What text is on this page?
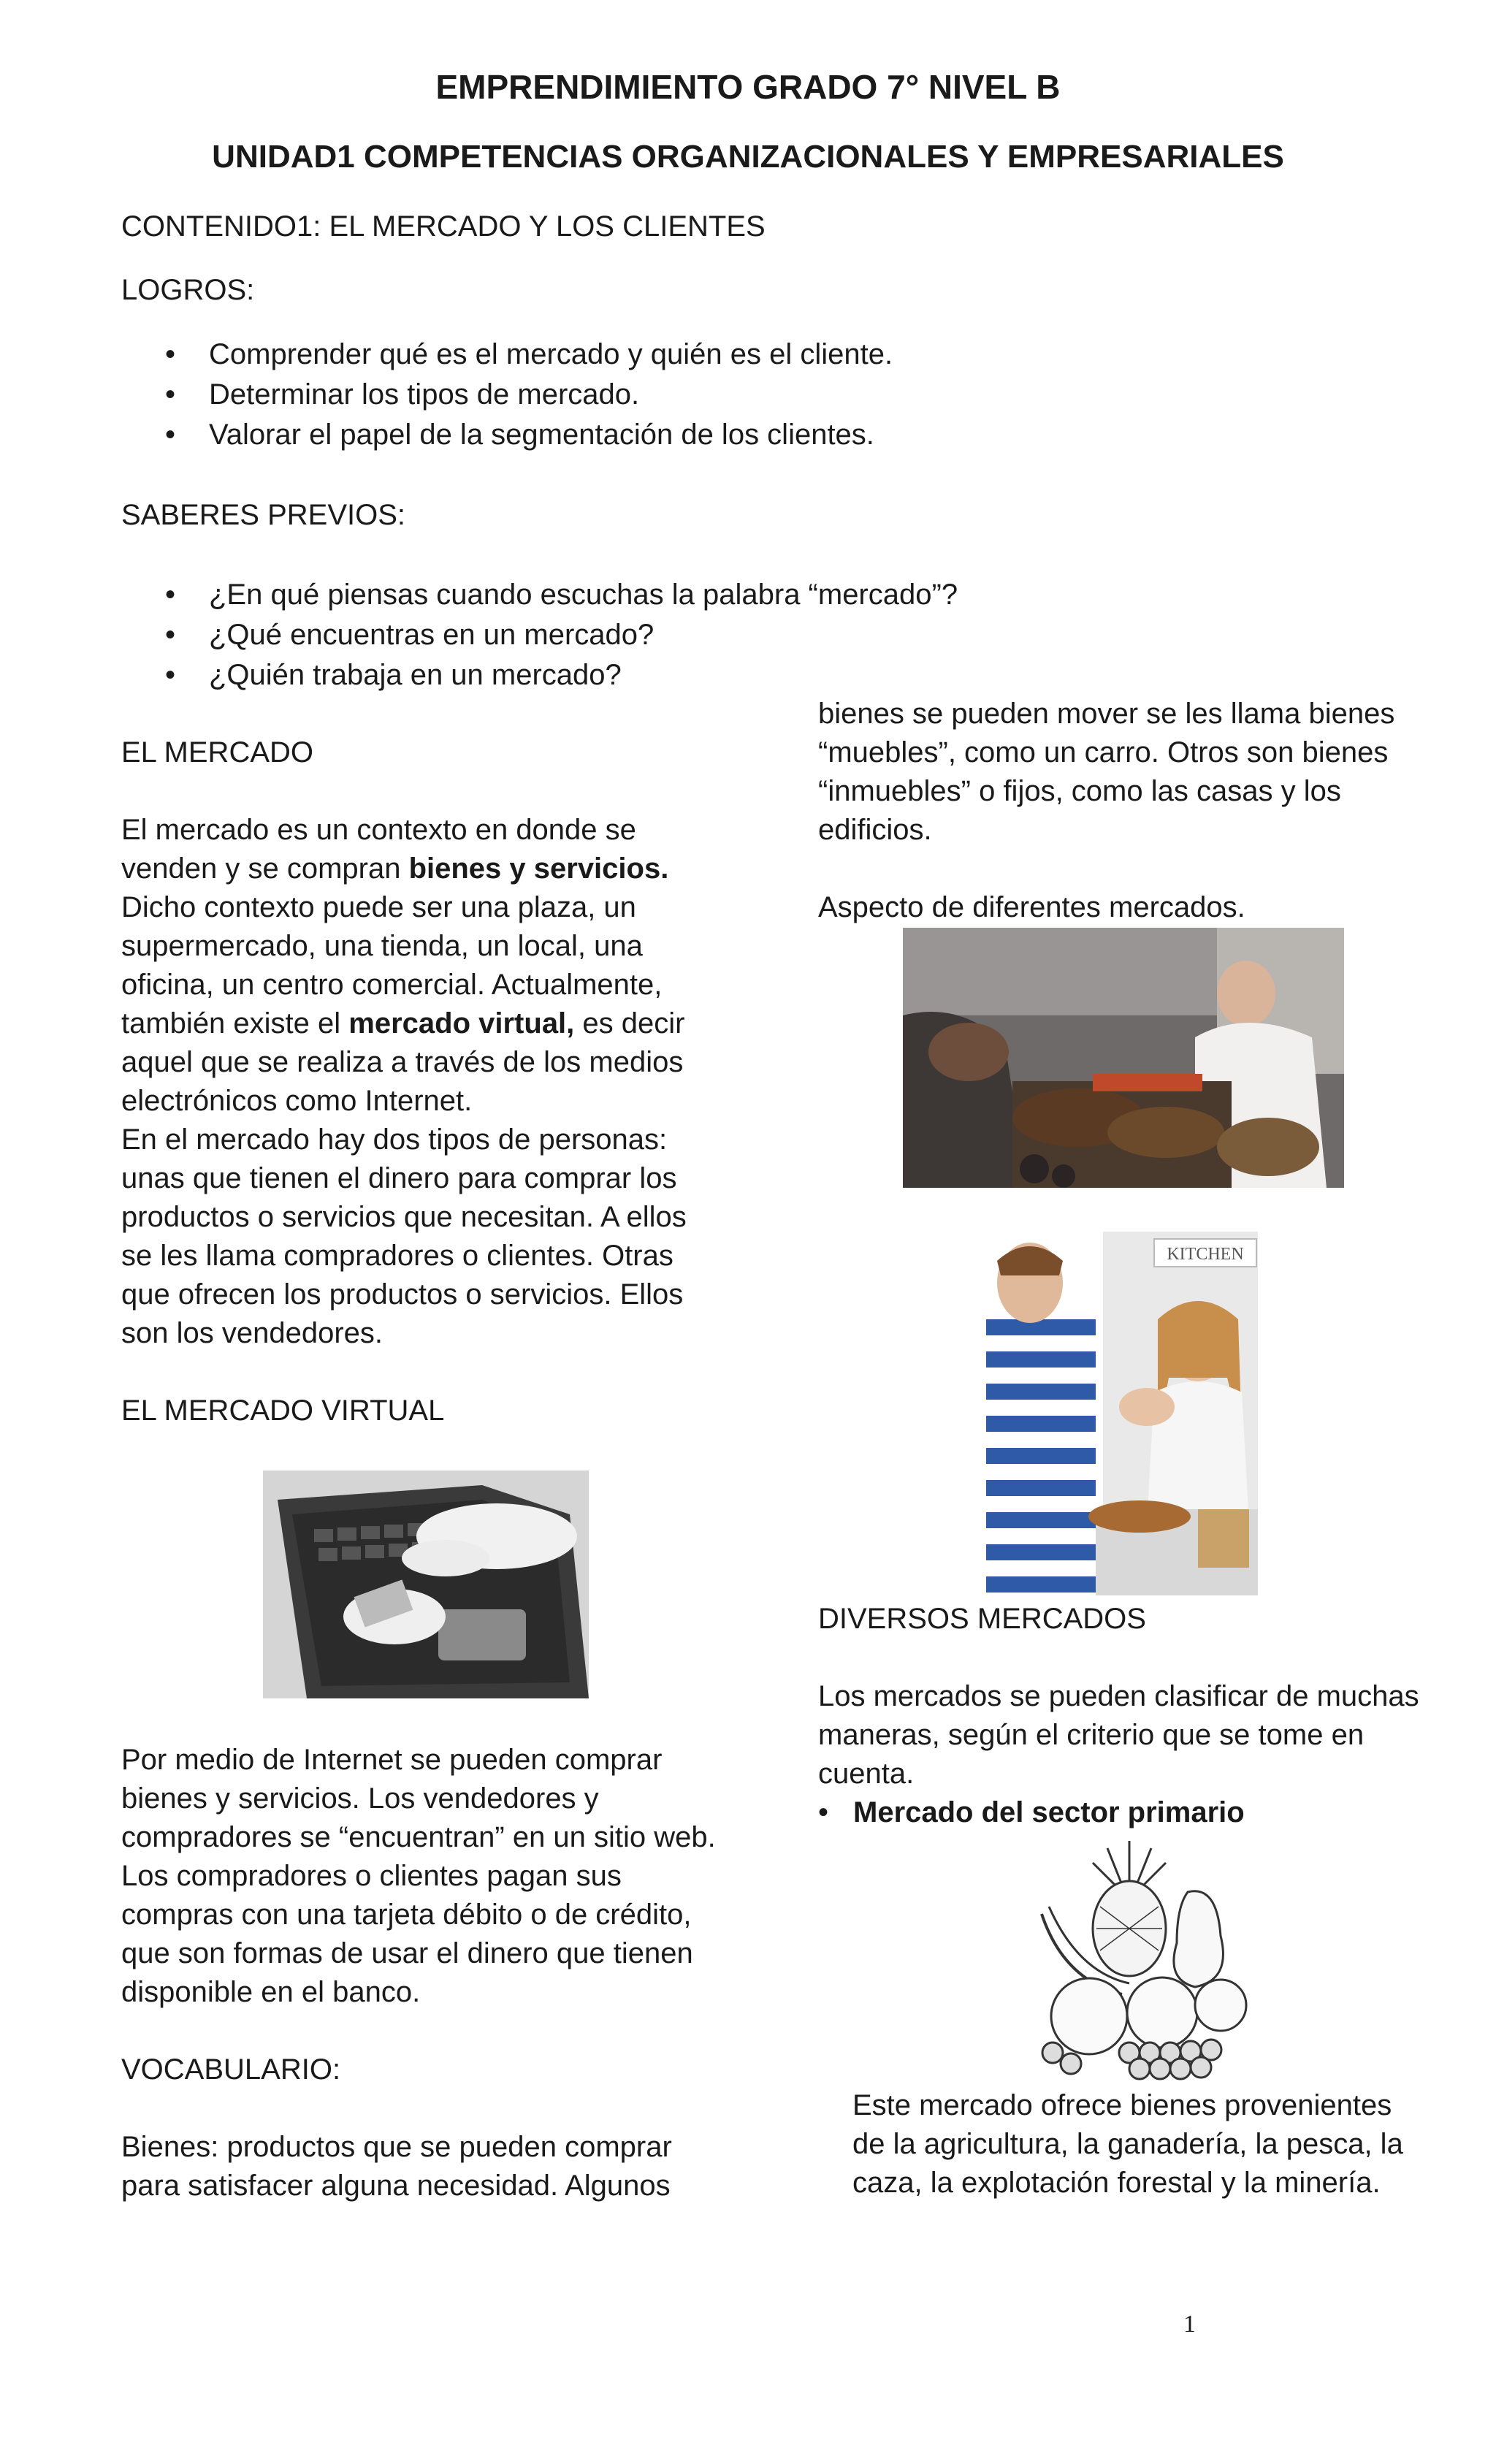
EMPRENDIMIENTO GRADO 7° NIVEL B
UNIDAD1 COMPETENCIAS ORGANIZACIONALES Y EMPRESARIALES

CONTENIDO1: EL MERCADO Y LOS CLIENTES

LOGROS:

• Comprender qué es el mercado y quién es el cliente.
• Determinar los tipos de mercado.
• Valorar el papel de la segmentación de los clientes.

SABERES PREVIOS:

• ¿En qué piensas cuando escuchas la palabra “mercado”?
• ¿Qué encuentras en un mercado?
• ¿Quién trabaja en un mercado?

EL MERCADO

El mercado es un contexto en donde se

venden y se compran bienes y servicios.

Dicho contexto puede ser una plaza, un

supermercado, una tienda, un local, una

oficina, un centro comercial. Actualmente,

también existe el mercado virtual, es decir

aquel que se realiza a través de los medios

electrónicos como Internet.

En el mercado hay dos tipos de personas:

unas que tienen el dinero para comprar los

productos o servicios que necesitan. A ellos

se les llama compradores o clientes. Otras

que ofrecen los productos o servicios. Ellos

son los vendedores.

EL MERCADO VIRTUAL

Por medio de Internet se pueden comprar

bienes y servicios. Los vendedores y

compradores se “encuentran” en un sitio web.

Los compradores o clientes pagan sus

compras con una tarjeta débito o de crédito,

que son formas de usar el dinero que tienen

disponible en el banco.

VOCABULARIO:

Bienes: productos que se pueden comprar

para satisfacer alguna necesidad. Algunos

bienes se pueden mover se les llama bienes

“muebles”, como un carro. Otros son bienes

“inmuebles” o fijos, como las casas y los

edificios.

Aspecto de diferentes mercados.

KITCHEN

DIVERSOS MERCADOS

Los mercados se pueden clasificar de muchas

maneras, según el criterio que se tome en

cuenta.

• Mercado del sector primario

Este mercado ofrece bienes provenientes

de la agricultura, la ganadería, la pesca, la

caza, la explotación forestal y la minería.

1
